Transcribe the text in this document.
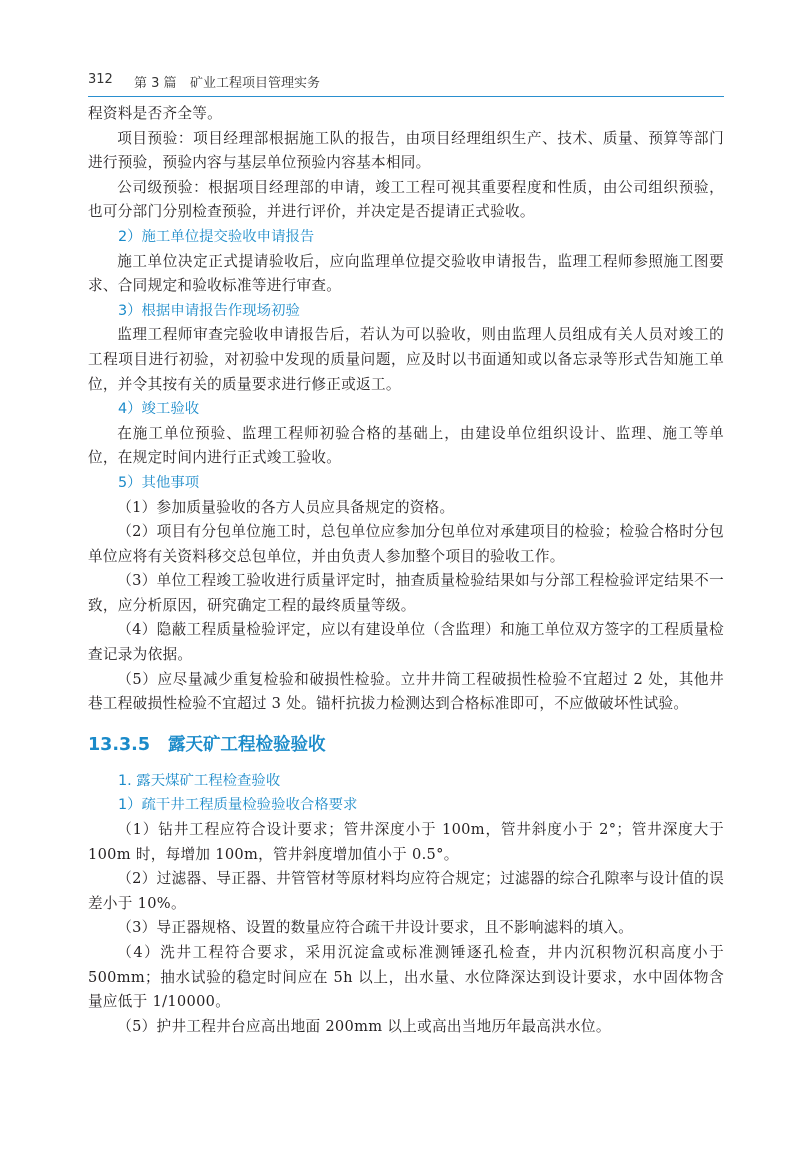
312 第 3 篇 矿业工程项目管理实务

程资料是否齐全等。

项目预验：项目经理部根据施工队的报告，由项目经理组织生产、技术、质量、预算等部门进行预验，预验内容与基层单位预验内容基本相同。

公司级预验：根据项目经理部的申请，竣工工程可视其重要程度和性质，由公司组织预验，也可分部门分别检查预验，并进行评价，并决定是否提请正式验收。

2）施工单位提交验收申请报告

施工单位决定正式提请验收后，应向监理单位提交验收申请报告，监理工程师参照施工图要求、合同规定和验收标准等进行审查。

3）根据申请报告作现场初验

监理工程师审查完验收申请报告后，若认为可以验收，则由监理人员组成有关人员对竣工的工程项目进行初验，对初验中发现的质量问题，应及时以书面通知或以备忘录等形式告知施工单位，并令其按有关的质量要求进行修正或返工。

4）竣工验收

在施工单位预验、监理工程师初验合格的基础上，由建设单位组织设计、监理、施工等单位，在规定时间内进行正式竣工验收。

5）其他事项

（1）参加质量验收的各方人员应具备规定的资格。

（2）项目有分包单位施工时，总包单位应参加分包单位对承建项目的检验；检验合格时分包单位应将有关资料移交总包单位，并由负责人参加整个项目的验收工作。

（3）单位工程竣工验收进行质量评定时，抽查质量检验结果如与分部工程检验评定结果不一致，应分析原因，研究确定工程的最终质量等级。

（4）隐蔽工程质量检验评定，应以有建设单位（含监理）和施工单位双方签字的工程质量检查记录为依据。

（5）应尽量减少重复检验和破损性检验。立井井筒工程破损性检验不宜超过 2 处，其他井巷工程破损性检验不宜超过 3 处。锚杆抗拔力检测达到合格标准即可，不应做破坏性试验。

13.3.5 露天矿工程检验验收

1. 露天煤矿工程检查验收

1）疏干井工程质量检验验收合格要求

（1）钻井工程应符合设计要求；管井深度小于 100m，管井斜度小于 2°；管井深度大于 100m 时，每增加 100m，管井斜度增加值小于 0.5°。

（2）过滤器、导正器、井管管材等原材料均应符合规定；过滤器的综合孔隙率与设计值的误差小于 10%。

（3）导正器规格、设置的数量应符合疏干井设计要求，且不影响滤料的填入。

（4）洗井工程符合要求，采用沉淀盒或标准测锤逐孔检查，井内沉积物沉积高度小于 500mm；抽水试验的稳定时间应在 5h 以上，出水量、水位降深达到设计要求，水中固体物含量应低于 1/10000。

（5）护井工程井台应高出地面 200mm 以上或高出当地历年最高洪水位。
